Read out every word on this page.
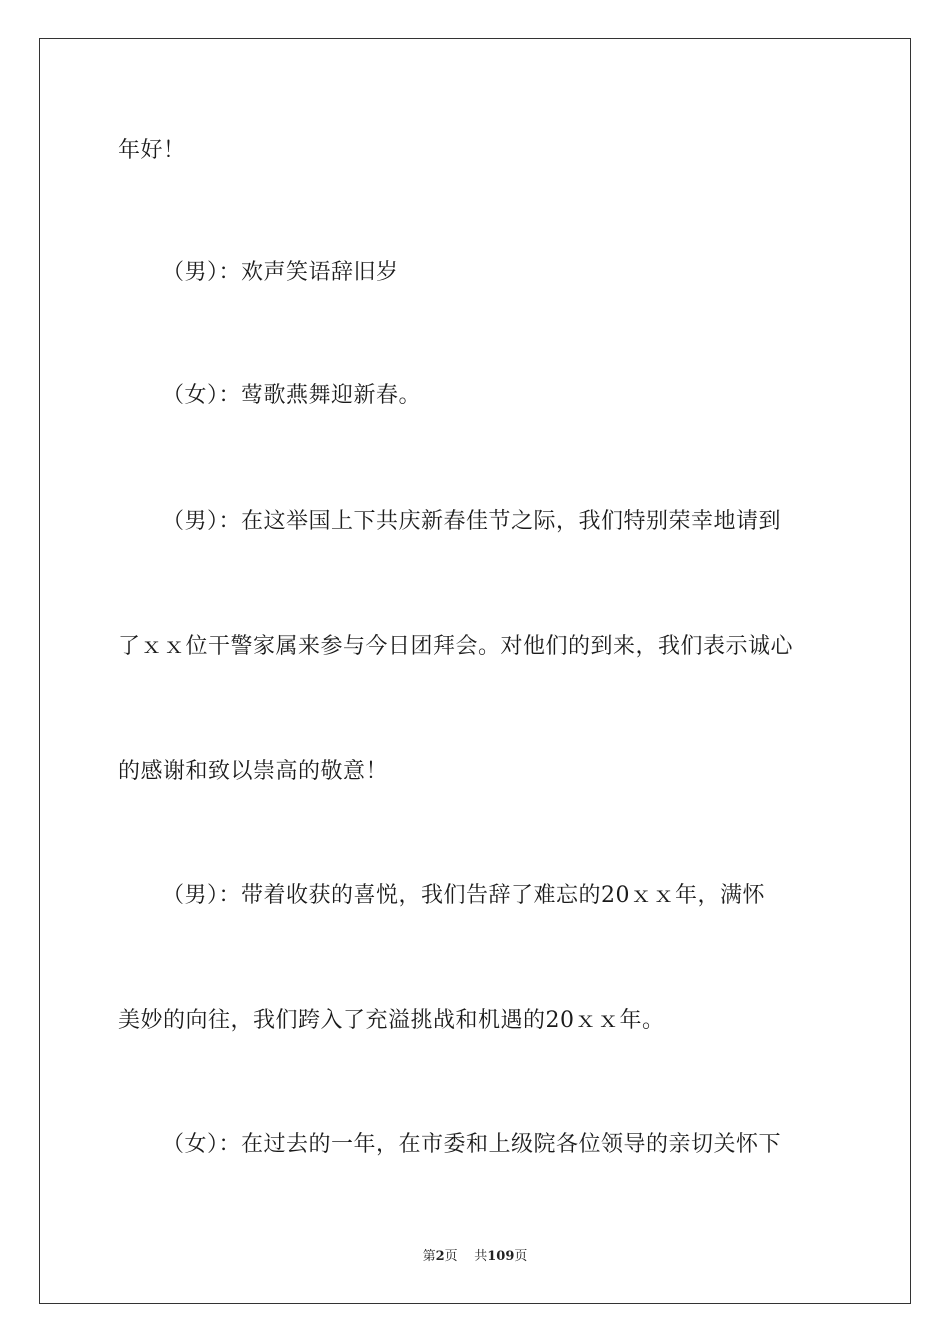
年好！

（男）：欢声笑语辞旧岁

（女）：莺歌燕舞迎新春。

（男）：在这举国上下共庆新春佳节之际，我们特别荣幸地请到

了ｘｘ位干警家属来参与今日团拜会。对他们的到来，我们表示诚心

的感谢和致以崇高的敬意！

（男）：带着收获的喜悦，我们告辞了难忘的20ｘｘ年，满怀

美妙的向往，我们跨入了充溢挑战和机遇的20ｘｘ年。

（女）：在过去的一年，在市委和上级院各位领导的亲切关怀下

第2页 共109页
